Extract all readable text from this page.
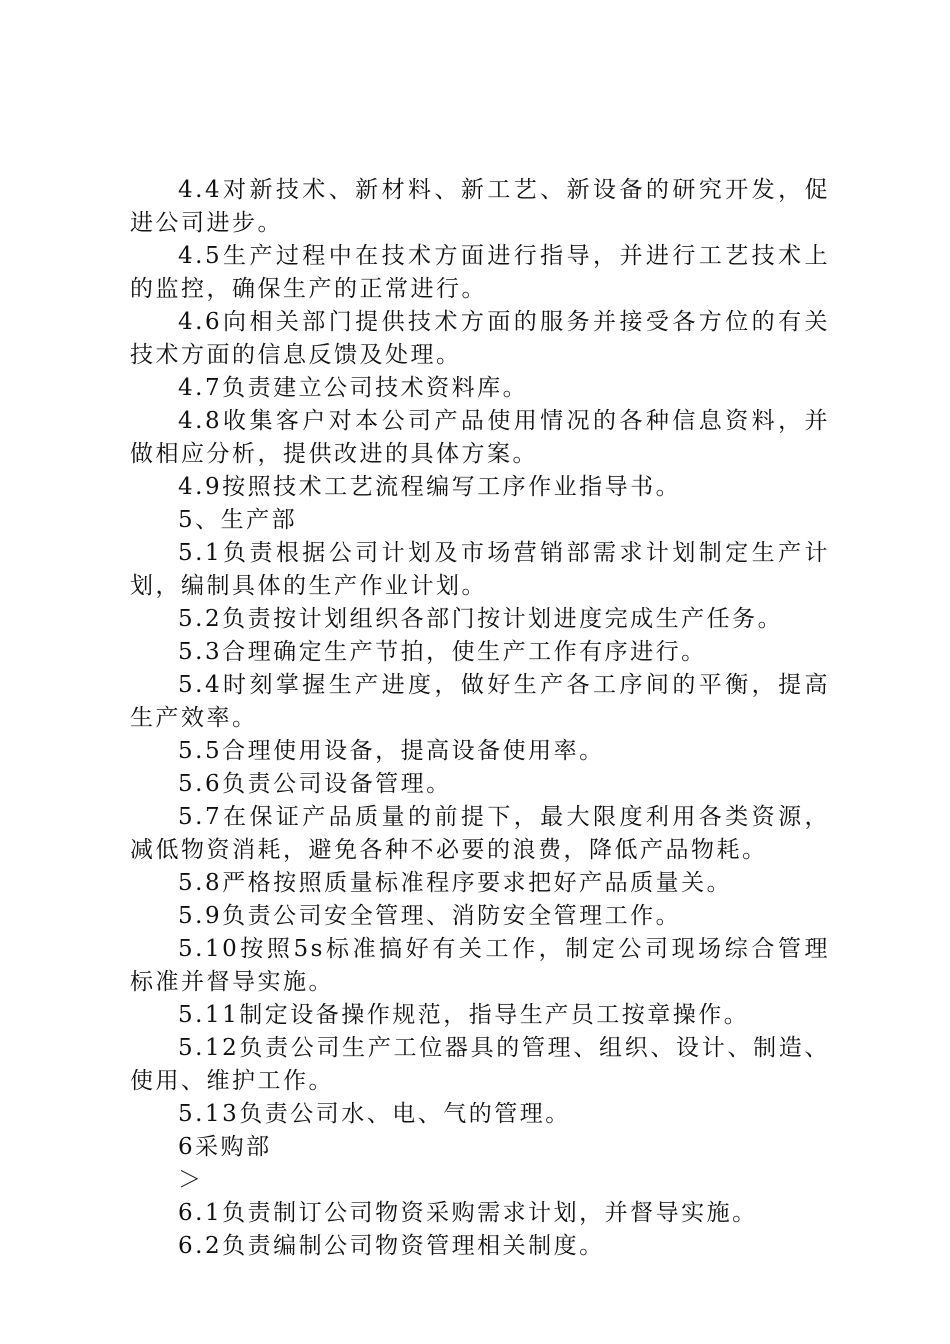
4.4对新技术、新材料、新工艺、新设备的研究开发，促进公司进步。

4.5生产过程中在技术方面进行指导，并进行工艺技术上的监控，确保生产的正常进行。

4.6向相关部门提供技术方面的服务并接受各方位的有关技术方面的信息反馈及处理。

4.7负责建立公司技术资料库。

4.8收集客户对本公司产品使用情况的各种信息资料，并做相应分析，提供改进的具体方案。

4.9按照技术工艺流程编写工序作业指导书。

5、生产部

5.1负责根据公司计划及市场营销部需求计划制定生产计划，编制具体的生产作业计划。

5.2负责按计划组织各部门按计划进度完成生产任务。

5.3合理确定生产节拍，使生产工作有序进行。

5.4时刻掌握生产进度，做好生产各工序间的平衡，提高生产效率。

5.5合理使用设备，提高设备使用率。

5.6负责公司设备管理。

5.7在保证产品质量的前提下，最大限度利用各类资源，减低物资消耗，避免各种不必要的浪费，降低产品物耗。

5.8严格按照质量标准程序要求把好产品质量关。

5.9负责公司安全管理、消防安全管理工作。

5.10按照5s标准搞好有关工作，制定公司现场综合管理标准并督导实施。

5.11制定设备操作规范，指导生产员工按章操作。

5.12负责公司生产工位器具的管理、组织、设计、制造、使用、维护工作。

5.13负责公司水、电、气的管理。

6采购部

＞

6.1负责制订公司物资采购需求计划，并督导实施。

6.2负责编制公司物资管理相关制度。
